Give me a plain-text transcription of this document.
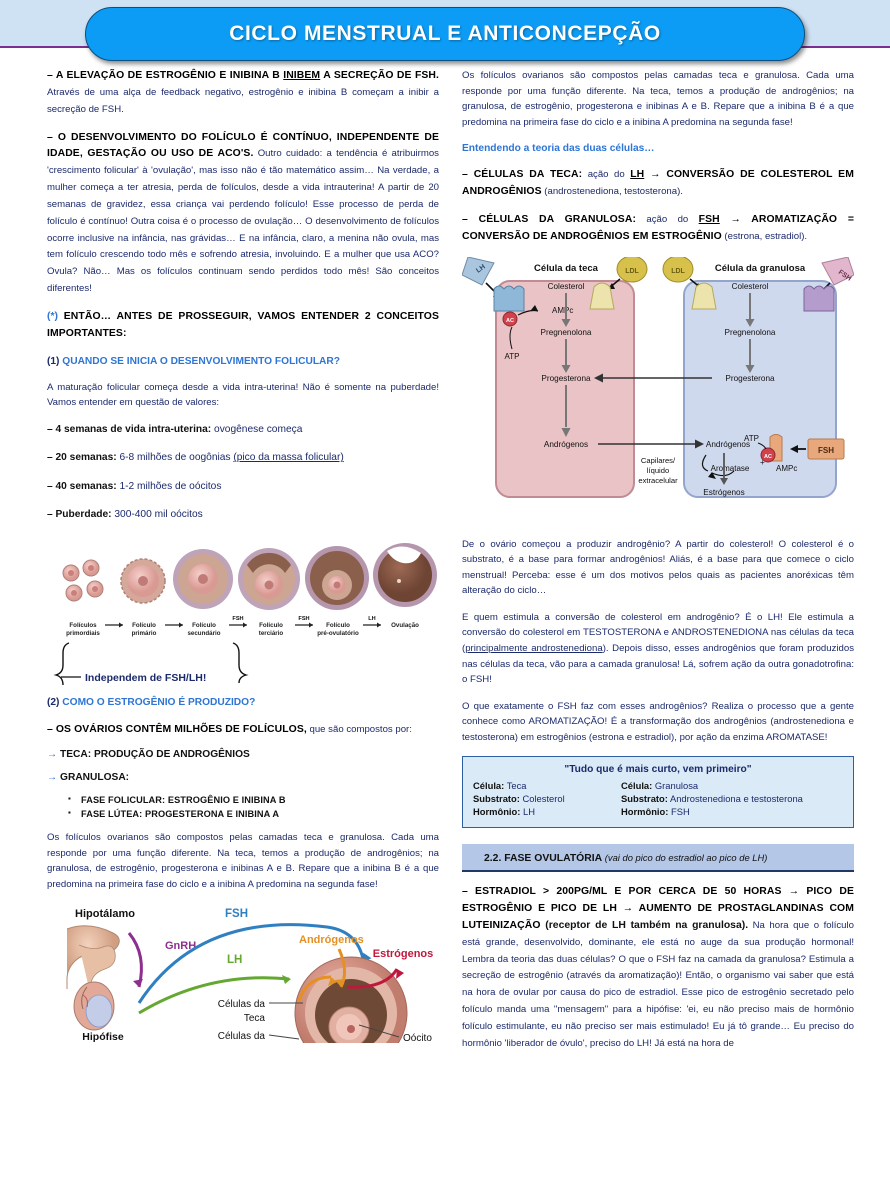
CICLO MENSTRUAL E ANTICONCEPÇÃO

– A ELEVAÇÃO DE ESTROGÊNIO E INIBINA B INIBEM A SECREÇÃO DE FSH. Através de uma alça de feedback negativo, estrogênio e inibina B começam a inibir a secreção de FSH.

– O DESENVOLVIMENTO DO FOLÍCULO É CONTÍNUO, INDEPENDENTE DE IDADE, GESTAÇÃO OU USO DE ACO'S. Outro cuidado: a tendência é atribuirmos 'crescimento folicular' à 'ovulação', mas isso não é tão matemático assim… Na verdade, a mulher começa a ter atresia, perda de folículos, desde a vida intrauterina! A partir de 20 semanas de gravidez, essa criança vai perdendo folículo! Esse processo de perda de folículo é contínuo! Outra coisa é o processo de ovulação… O desenvolvimento de folículos ocorre inclusive na infância, nas grávidas… E na infância, claro, a menina não ovula, mas tem folículo crescendo todo mês e sofrendo atresia, involuindo. E a mulher que usa ACO? Ovula? Não… Mas os folículos continuam sendo perdidos todo mês! São conceitos diferentes!

(*) ENTÃO… ANTES DE PROSSEGUIR, VAMOS ENTENDER 2 CONCEITOS IMPORTANTES:

(1) QUANDO SE INICIA O DESENVOLVIMENTO FOLICULAR?

A maturação folicular começa desde a vida intra-uterina! Não é somente na puberdade! Vamos entender em questão de valores:

– 4 semanas de vida intra-uterina: ovogênese começa

– 20 semanas: 6-8 milhões de oogônias (pico da massa folicular)

– 40 semanas: 1-2 milhões de oócitos

– Puberdade: 300-400 mil oócitos

Folículos
primordiais
Folículo
primário
Folículo
secundário
Folículo
terciário
Folículo
pré-ovulatório
Ovulação
FSH	FSH	LH
Independem de FSH/LH!

(2) COMO O ESTROGÊNIO É PRODUZIDO?

– OS OVÁRIOS CONTÊM MILHÕES DE FOLÍCULOS, que são compostos por:

→ TECA: PRODUÇÃO DE ANDROGÊNIOS

→ GRANULOSA:

▪ FASE FOLICULAR: ESTROGÊNIO E INIBINA B
▪ FASE LÚTEA: PROGESTERONA E INIBINA A

Os folículos ovarianos são compostos pelas camadas teca e granulosa. Cada uma responde por uma função diferente. Na teca, temos a produção de androgênios; na granulosa, de estrogênio, progesterona e inibinas A e B. Repare que a inibina B é a que predomina na primeira fase do ciclo e a inibina A predomina na segunda fase!

Hipotálamo
Hipófise
GnRH
FSH
LH
Andrógenos
Estrógenos
Células da
Teca
Células da	Oócito

Os folículos ovarianos são compostos pelas camadas teca e granulosa. Cada uma responde por uma função diferente. Na teca, temos a produção de androgênios; na granulosa, de estrogênio, progesterona e inibinas A e B. Repare que a inibina B é a que predomina na primeira fase do ciclo e a inibina A predomina na segunda fase!

Entendendo a teoria das duas células…

– CÉLULAS DA TECA: ação do LH → CONVERSÃO DE COLESTEROL EM ANDROGÊNIOS (androstenediona, testosterona).

– CÉLULAS DA GRANULOSA: ação do FSH → AROMATIZAÇÃO = CONVERSÃO DE ANDROGÊNIOS EM ESTROGÊNIO (estrona, estradiol).

Célula da teca	Célula da granulosa
LH
AC
AMPc
ATP
LDL	LDL	FSH
Colesterol
Pregnenolona
Progesterona
Andrógenos
Colesterol
Pregnenolona
Progesterona
Andrógenos
Estrógenos
Capilares/
líquido
extracelular
FSH
AC
ATP
AMPc
+
Aromatase

De o ovário começou a produzir androgênio? A partir do colesterol! O colesterol é o substrato, é a base para formar androgênios! Aliás, é a base para que comece o ciclo menstrual! Perceba: esse é um dos motivos pelos quais as pacientes anoréxicas têm alteração do ciclo…

E quem estimula a conversão de colesterol em androgênio? É o LH! Ele estimula a conversão do colesterol em TESTOSTERONA e ANDROSTENEDIONA nas células da teca (principalmente androstenediona). Depois disso, esses androgênios que foram produzidos nas células da teca, vão para a camada granulosa! Lá, sofrem ação da outra gonadotrofina: o FSH!

O que exatamente o FSH faz com esses androgênios? Realiza o processo que a gente conhece como AROMATIZAÇÃO! É a transformação dos androgênios (androstenediona e testosterona) em estrogênios (estrona e estradiol), por ação da enzima AROMATASE!

"Tudo que é mais curto, vem primeiro"
Célula: Teca	Célula: Granulosa
Substrato: Colesterol	Substrato: Androstenediona e testosterona
Hormônio: LH	Hormônio: FSH
2.2. FASE OVULATÓRIA (vai do pico do estradiol ao pico de LH)

– ESTRADIOL > 200PG/ML E POR CERCA DE 50 HORAS → PICO DE ESTROGÊNIO E PICO DE LH → AUMENTO DE PROSTAGLANDINAS COM LUTEINIZAÇÃO (receptor de LH também na granulosa). Na hora que o folículo está grande, desenvolvido, dominante, ele está no auge da sua produção hormonal! Lembra da teoria das duas células? O que o FSH faz na camada da granulosa? Estimula a secreção de estrogênio (através da aromatização)! Então, o organismo vai saber que está na hora de ovular por causa do pico de estradiol. Esse pico de estrogênio secretado pelo folículo manda uma "mensagem" para a hipófise: 'ei, eu não preciso mais de hormônio folículo estimulante, eu não preciso ser mais estimulado! Eu já tô grande… Eu preciso do hormônio 'liberador de óvulo', preciso do LH! Já está na hora de
